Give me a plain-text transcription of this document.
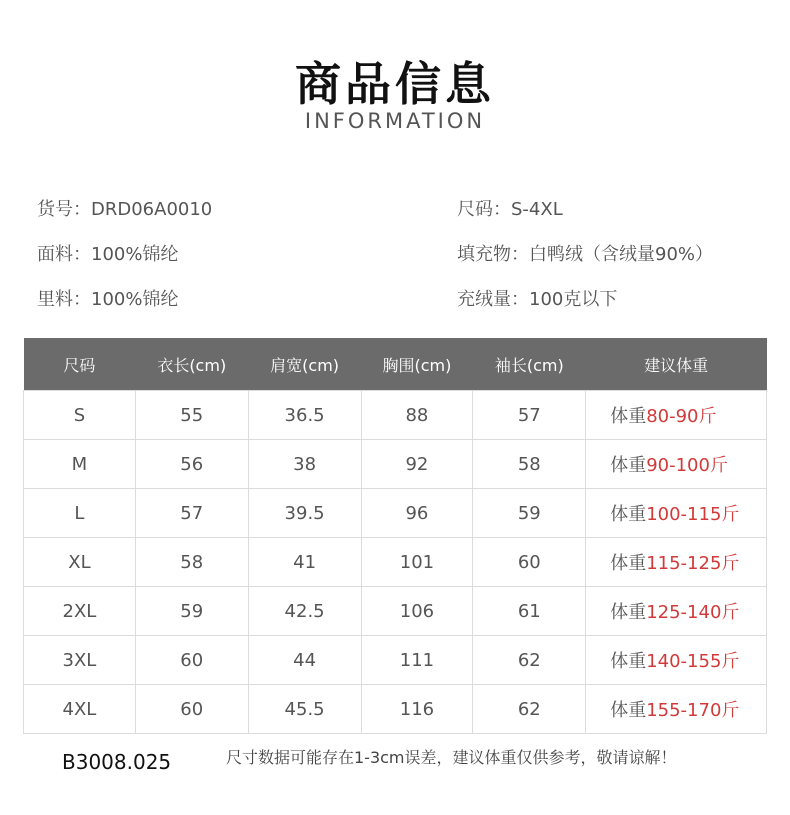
商品信息
INFORMATION
货号：DRD06A0010
面料：100%锦纶
里料：100%锦纶
尺码：S-4XL
填充物：白鸭绒（含绒量90%）
充绒量：100克以下
尺码	衣长(cm)	肩宽(cm)	胸围(cm)	袖长(cm)	建议体重
S	55	36.5	88	57	体重80-90斤
M	56	38	92	58	体重90-100斤
L	57	39.5	96	59	体重100-115斤
XL	58	41	101	60	体重115-125斤
2XL	59	42.5	106	61	体重125-140斤
3XL	60	44	111	62	体重140-155斤
4XL	60	45.5	116	62	体重155-170斤
B3008.025	尺寸数据可能存在1-3cm误差，建议体重仅供参考，敬请谅解！
